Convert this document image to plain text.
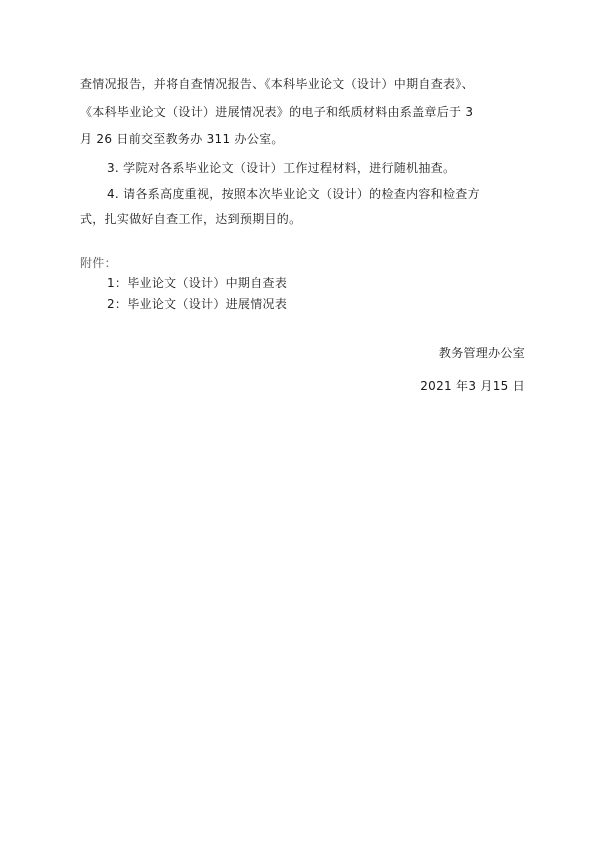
查情况报告，并将自查情况报告、《本科毕业论文（设计）中期自查表》、
《本科毕业论文（设计）进展情况表》的电子和纸质材料由系盖章后于 3
月 26 日前交至教务办 311 办公室。
3. 学院对各系毕业论文（设计）工作过程材料，进行随机抽查。
4. 请各系高度重视，按照本次毕业论文（设计）的检查内容和检查方
式，扎实做好自查工作，达到预期目的。
附件：
1：毕业论文（设计）中期自查表
2：毕业论文（设计）进展情况表
教务管理办公室
2021 年3 月15 日
